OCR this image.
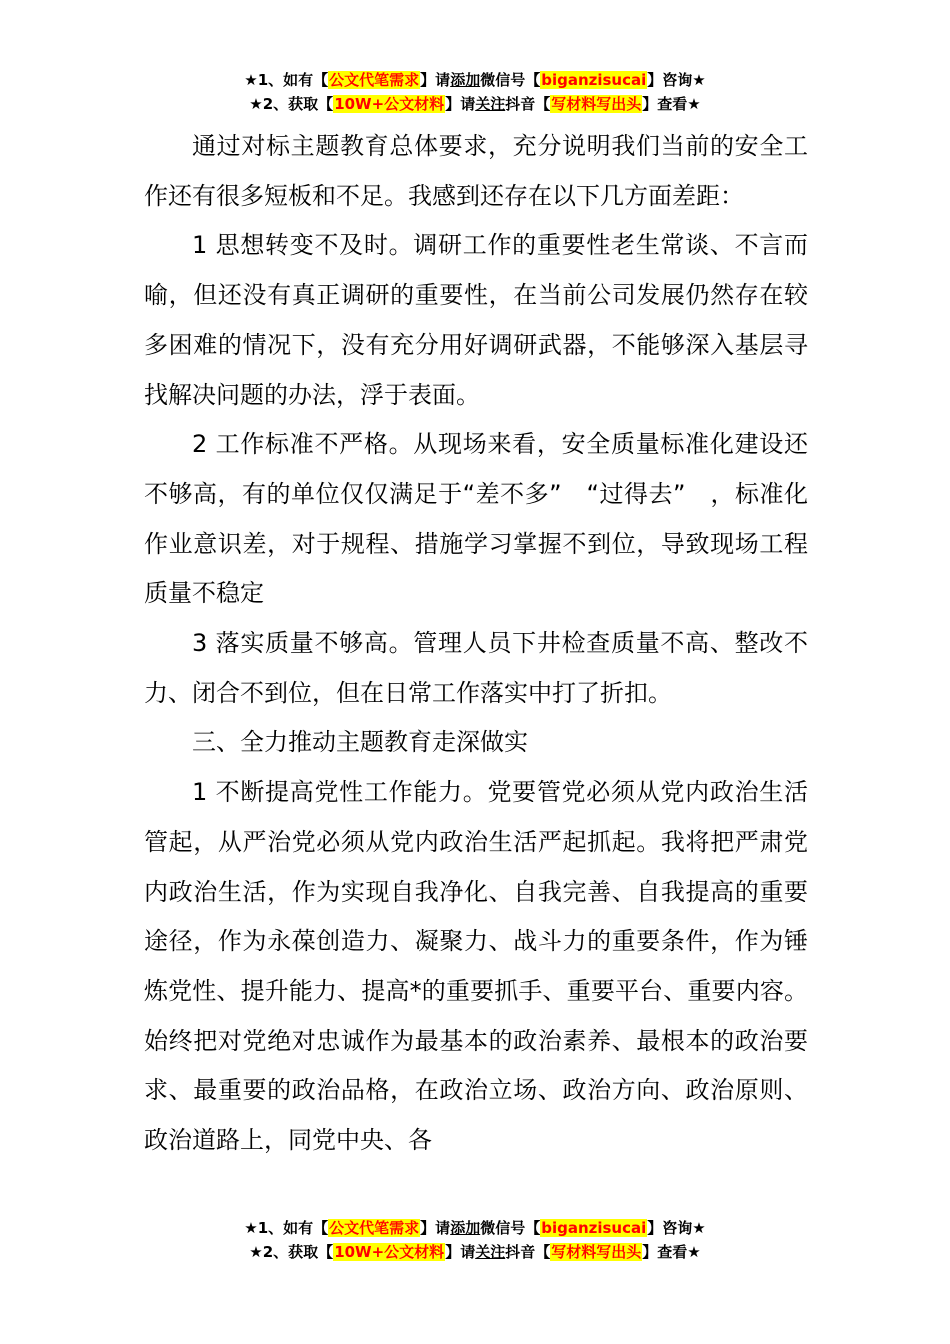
★1、如有【公文代笔需求】请添加微信号【biganzisucai】咨询★
★2、获取【10W+公文材料】请关注抖音【写材料写出头】查看★

通过对标主题教育总体要求，充分说明我们当前的安全工作还有很多短板和不足。我感到还存在以下几方面差距：

1 思想转变不及时。调研工作的重要性老生常谈、不言而喻，但还没有真正调研的重要性，在当前公司发展仍然存在较多困难的情况下，没有充分用好调研武器，不能够深入基层寻找解决问题的办法，浮于表面。

2 工作标准不严格。从现场来看，安全质量标准化建设还不够高，有的单位仅仅满足于“差不多”　“过得去”　，标准化作业意识差，对于规程、措施学习掌握不到位，导致现场工程质量不稳定

3 落实质量不够高。管理人员下井检查质量不高、整改不力、闭合不到位，但在日常工作落实中打了折扣。

三、全力推动主题教育走深做实

1 不断提高党性工作能力。党要管党必须从党内政治生活管起，从严治党必须从党内政治生活严起抓起。我将把严肃党内政治生活，作为实现自我净化、自我完善、自我提高的重要途径，作为永葆创造力、凝聚力、战斗力的重要条件，作为锤炼党性、提升能力、提高*的重要抓手、重要平台、重要内容。始终把对党绝对忠诚作为最基本的政治素养、最根本的政治要求、最重要的政治品格，在政治立场、政治方向、政治原则、政治道路上，同党中央、各

★1、如有【公文代笔需求】请添加微信号【biganzisucai】咨询★
★2、获取【10W+公文材料】请关注抖音【写材料写出头】查看★
